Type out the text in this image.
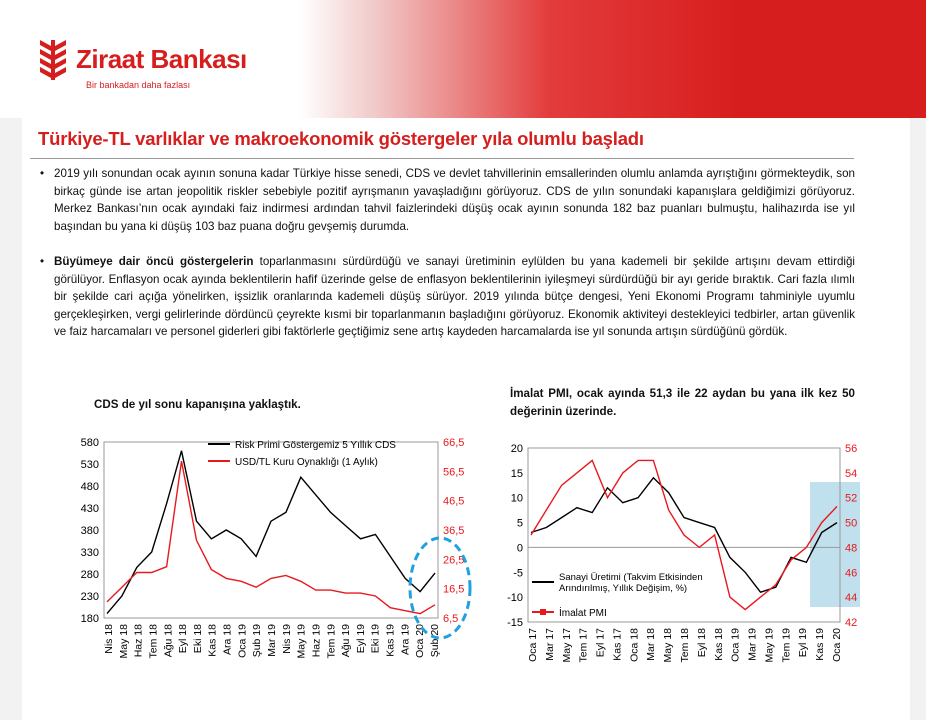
Ziraat Bankası
Bir bankadan daha fazlası
Türkiye-TL varlıklar ve makroekonomik göstergeler yıla olumlu başladı
• 2019 yılı sonundan ocak ayının sonuna kadar Türkiye hisse senedi, CDS ve devlet tahvillerinin emsallerinden olumlu anlamda ayrıştığını görmekteydik, son birkaç günde ise artan jeopolitik riskler sebebiyle pozitif ayrışmanın yavaşladığını görüyoruz. CDS de yılın sonundaki kapanışlara geldiğimizi görüyoruz. Merkez Bankası’nın ocak ayındaki faiz indirmesi ardından tahvil faizlerindeki düşüş ocak ayının sonunda 182 baz puanları bulmuştu, halihazırda ise yıl başından bu yana ki düşüş 103 baz puana doğru gevşemiş durumda.
• Büyümeye dair öncü göstergelerin toparlanmasını sürdürdüğü ve sanayi üretiminin eylülden bu yana kademeli bir şekilde artışını devam ettirdiği görülüyor. Enflasyon ocak ayında beklentilerin hafif üzerinde gelse de enflasyon beklentilerinin iyileşmeyi sürdürdüğü bir ayı geride bıraktık. Cari fazla ılımlı bir şekilde cari açığa yönelirken, işsizlik oranlarında kademeli düşüş sürüyor. 2019 yılında bütçe dengesi, Yeni Ekonomi Programı tahminiyle uyumlu gerçekleşirken, vergi gelirlerinde dördüncü çeyrekte kısmi bir toparlanmanın başladığını görüyoruz. Ekonomik aktiviteyi destekleyici tedbirler, artan güvenlik ve faiz harcamaları ve personel giderleri gibi faktörlerle geçtiğimiz sene artış kaydeden harcamalarda ise yıl sonunda artışın sürdüğünü gördük.
CDS de yıl sonu kapanışına yaklaştık.
İmalat PMI, ocak ayında 51,3 ile 22 aydan bu yana ilk kez 50 değerinin üzerinde.
180
230
280
330
380
430
480
530
580
6,5
16,5
26,5
36,5
46,5
56,5
66,5
Nis 18 May 18 Haz 18 Tem 18 Ağu 18 Eyl 18 Eki 18 Kas 18 Ara 18 Oca 19 Şub 19 Mar 19 Nis 19 May 19 Haz 19 Tem 19 Ağu 19 Eyl 19 Eki 19 Kas 19 Ara 19 Oca 20 Şub 20
Risk Primi Göstergemiz 5 Yıllık CDS
USD/TL Kuru Oynaklığı (1 Aylık)
-15
-10
-5
0
5
10
15
20
42
44
46
48
50
52
54
56
Oca 17 Mar 17 May 17 Tem 17 Eyl 17 Kas 17 Oca 18 Mar 18 May 18 Tem 18 Eyl 18 Kas 18 Oca 19 Mar 19 May 19 Tem 19 Eyl 19 Kas 19 Oca 20
Sanayi Üretimi (Takvim Etkisinden Arındırılmış, Yıllık Değişim, %)
İmalat PMI
